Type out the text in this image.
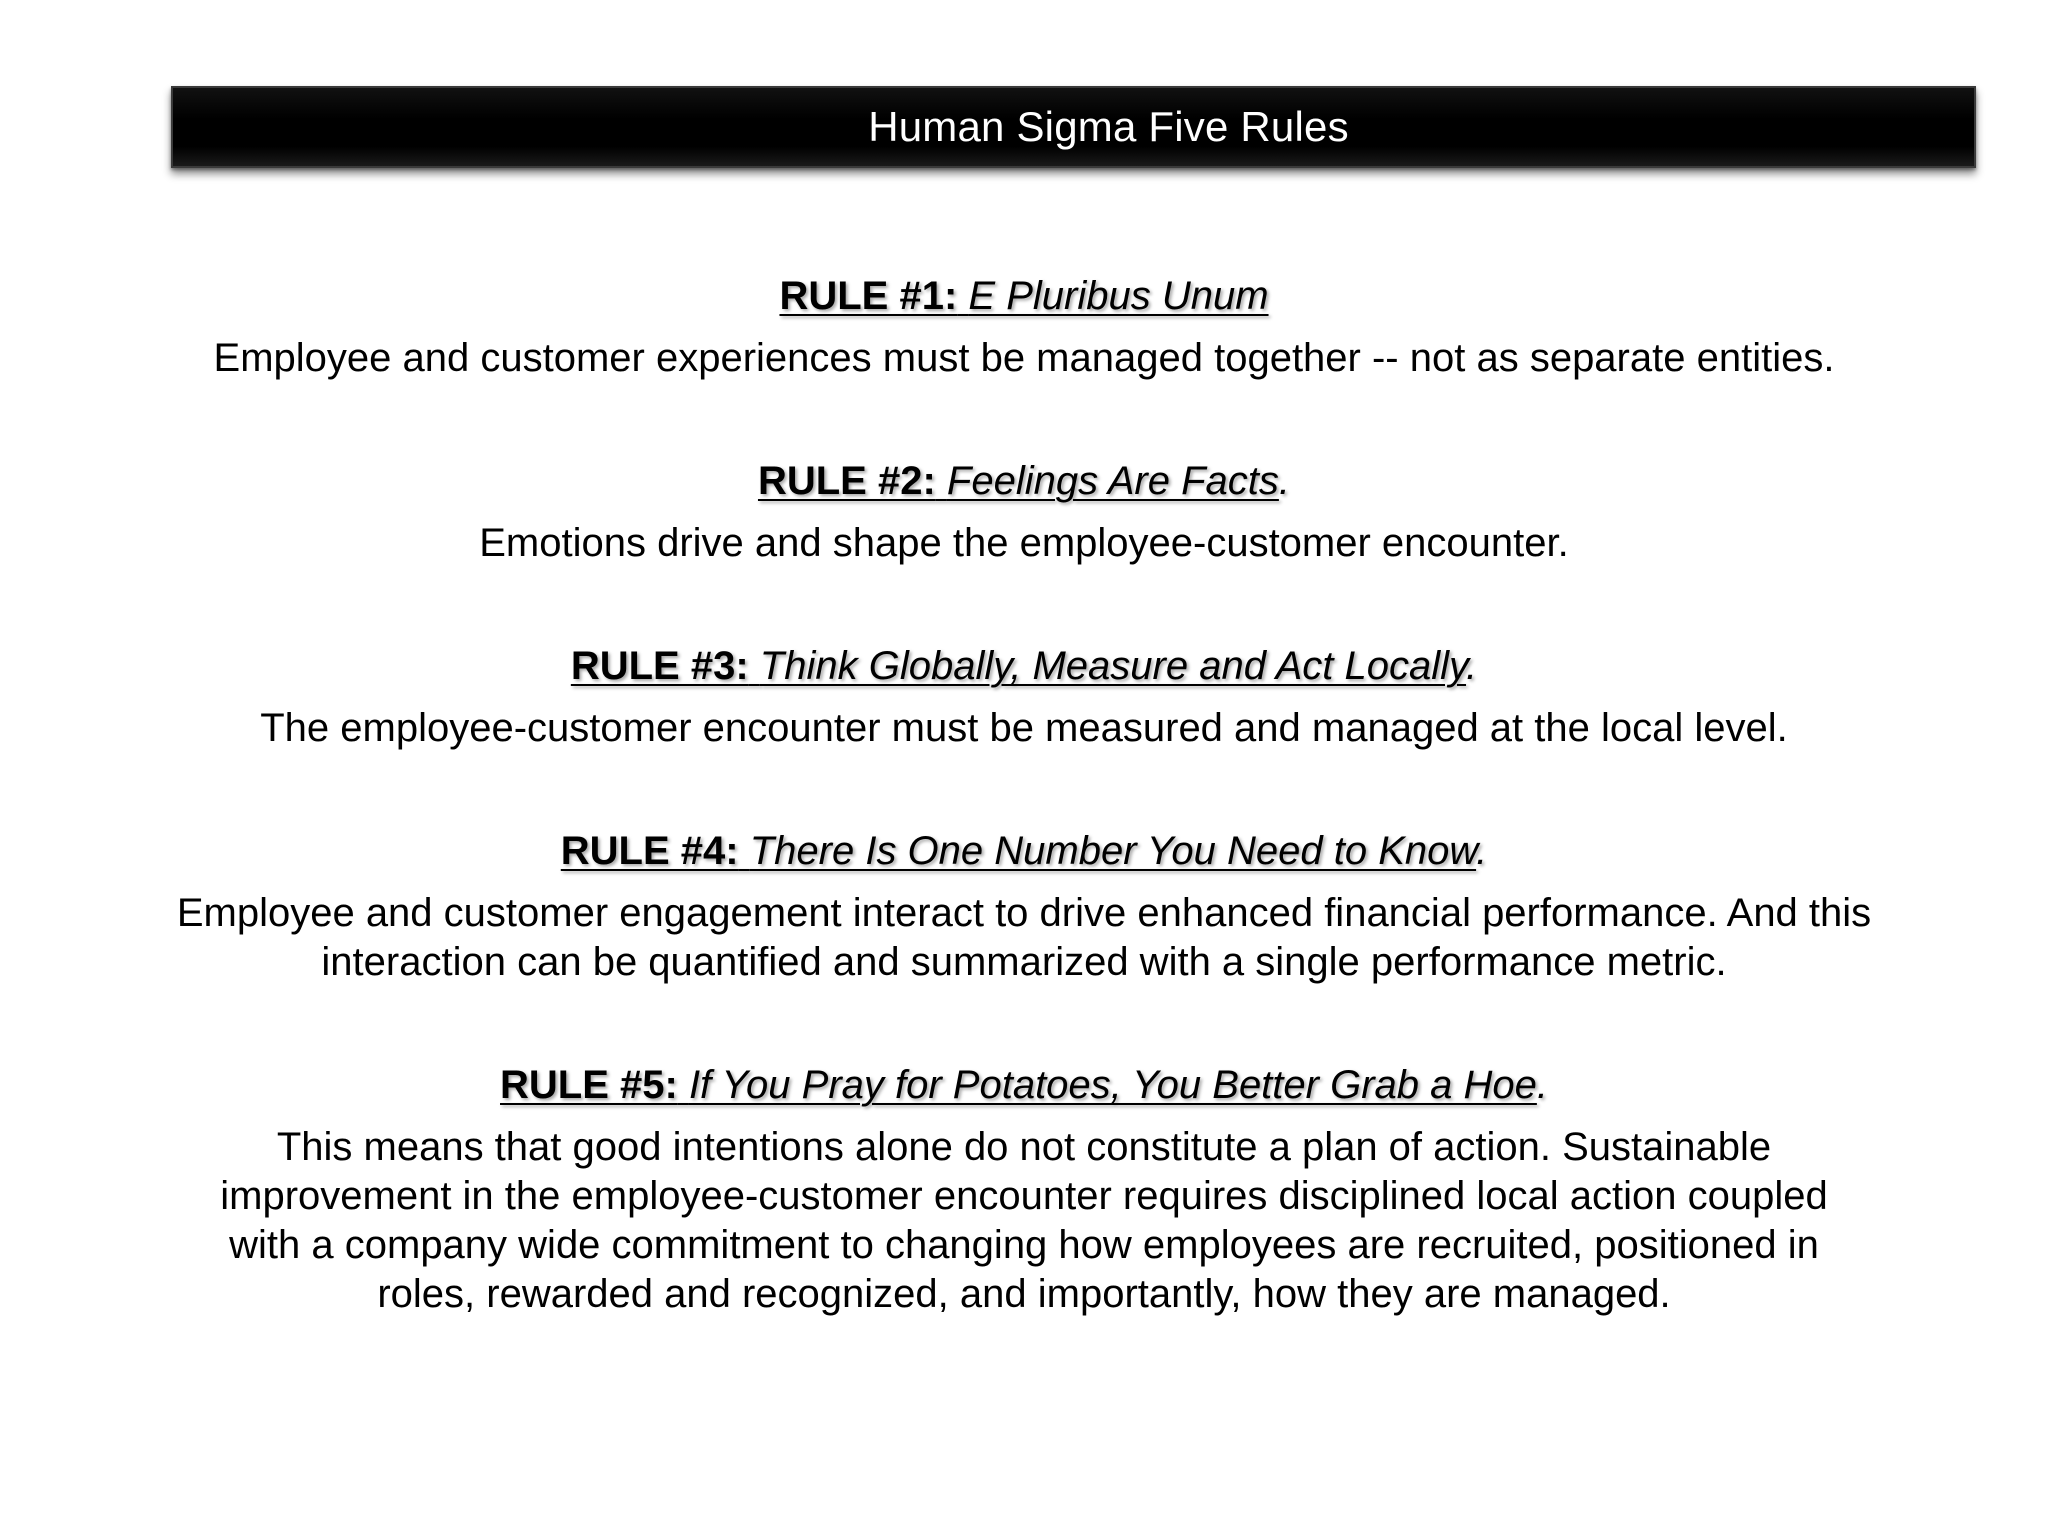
Human Sigma Five Rules
RULE #1: E Pluribus Unum
Employee and customer experiences must be managed together -- not as separate entities.
RULE #2: Feelings Are Facts.
Emotions drive and shape the employee-customer encounter.
RULE #3: Think Globally, Measure and Act Locally.
The employee-customer encounter must be measured and managed at the local level.
RULE #4: There Is One Number You Need to Know.
Employee and customer engagement interact to drive enhanced financial performance. And this
interaction can be quantified and summarized with a single performance metric.
RULE #5: If You Pray for Potatoes, You Better Grab a Hoe.
This means that good intentions alone do not constitute a plan of action. Sustainable
improvement in the employee-customer encounter requires disciplined local action coupled
with a company wide commitment to changing how employees are recruited, positioned in
roles, rewarded and recognized, and importantly, how they are managed.
